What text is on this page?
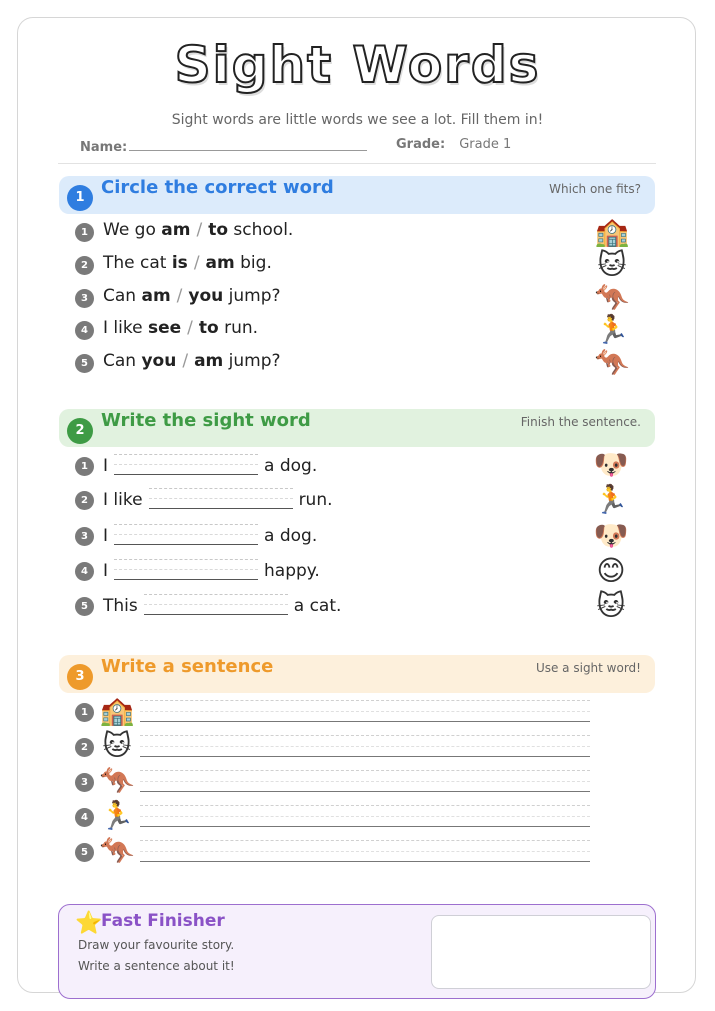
Sight Words
Sight words are little words we see a lot. Fill them in!
Name:	Grade: Grade 1
1 Circle the correct word	Which one fits?
1 We go am / to school.	🏫
2 The cat is / am big.	🐱
3 Can am / you jump?	🦘
4 I like see / to run.	🏃
5 Can you / am jump?	🦘
2 Write the sight word	Finish the sentence.
1 I	a dog.	🐶
2 I like	run.	🏃
3 I	a dog.	🐶
4 I	happy.	😊
5 This	a cat.	🐱
3 Write a sentence	Use a sight word!
1 🏫
2 🐱
3 🦘
4 🏃
5 🦘
⭐
Fast Finisher
Draw your favourite story.
Write a sentence about it!
